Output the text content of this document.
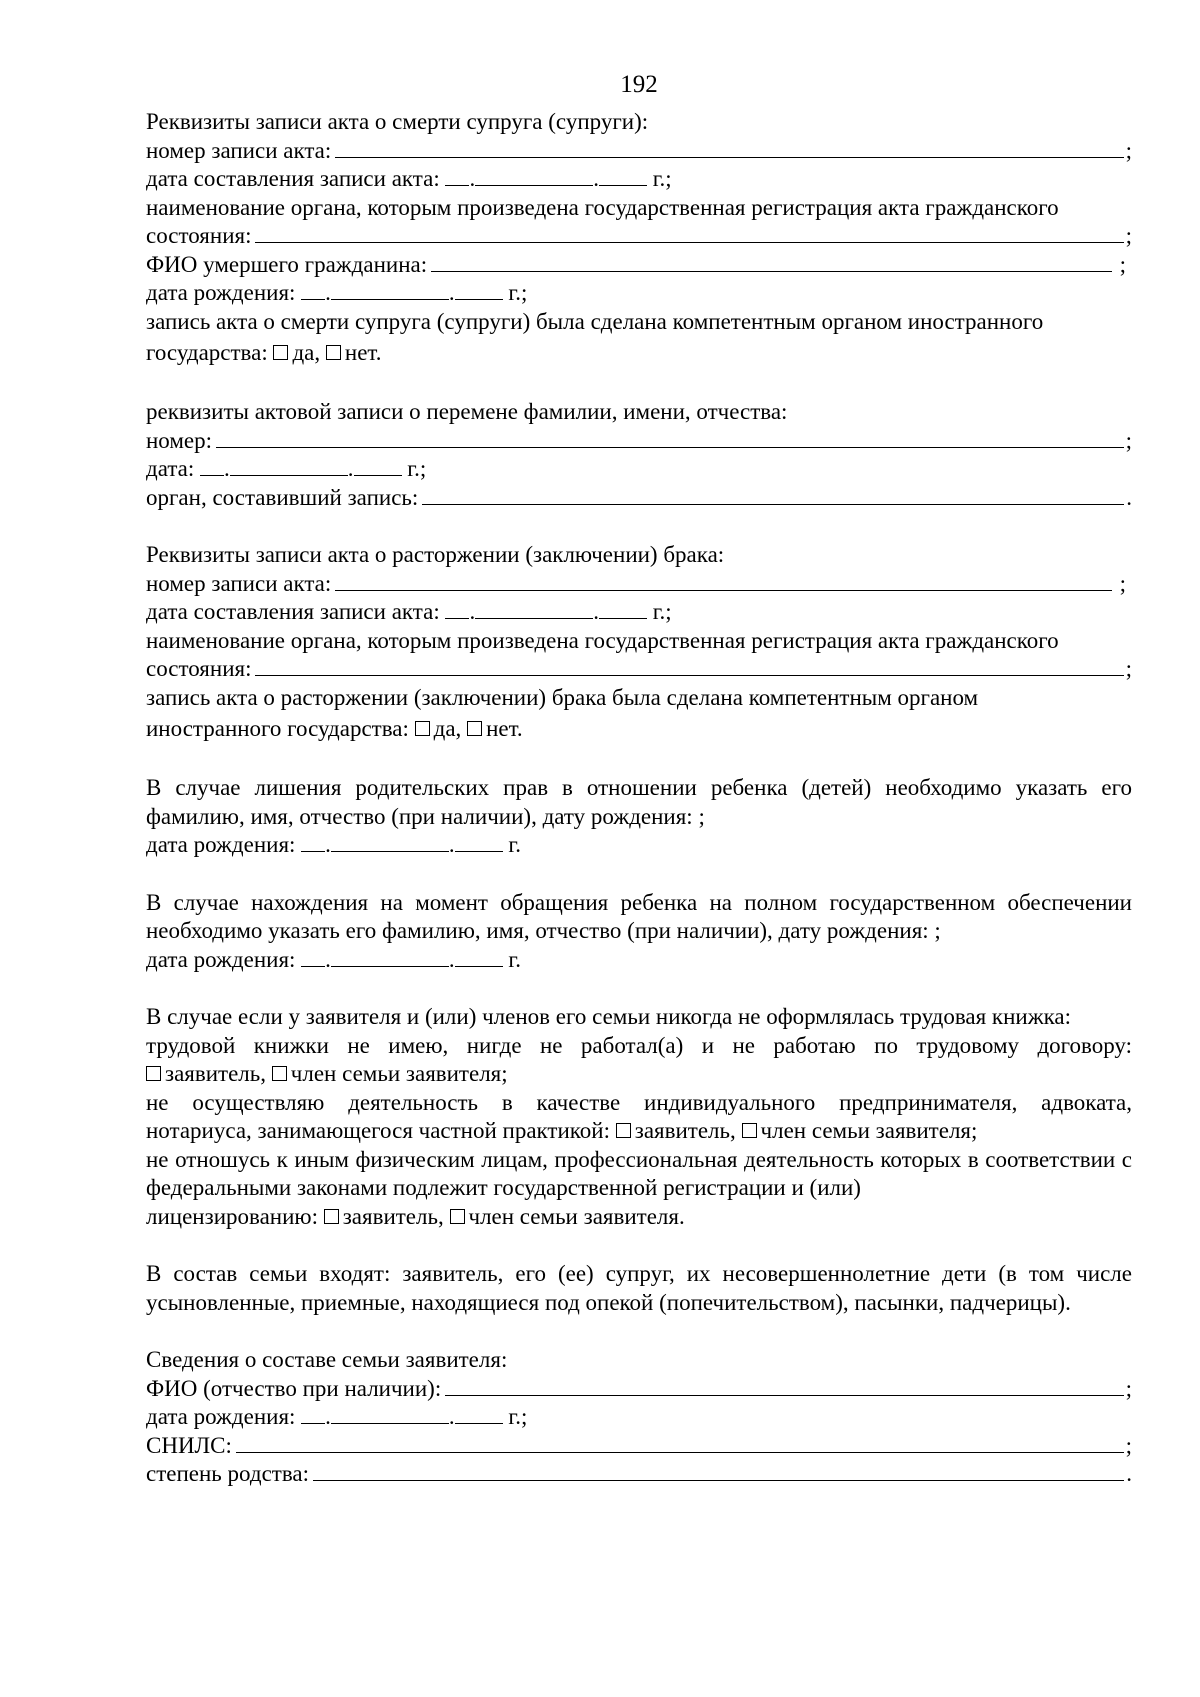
192
Реквизиты записи акта о смерти супруга (супруги):
номер записи акта:	;
дата составления записи акта:
.	.
г.;
наименование органа, которым произведена государственная регистрация акта гражданского
состояния:	;
ФИО умершего гражданина:	;
дата рождения:
.	.
г.;
запись акта о смерти супруга (супруги) была сделана компетентным органом иностранного
государства:
да,
нет.
реквизиты актовой записи о перемене фамилии, имени, отчества:
номер:	;
дата:
.	.
г.;
орган, составивший запись:	.
Реквизиты записи акта о расторжении (заключении) брака:
номер записи акта:	;
дата составления записи акта:
.	.
г.;
наименование органа, которым произведена государственная регистрация акта гражданского
состояния:	;
запись акта о расторжении (заключении) брака была сделана компетентным органом
иностранного государства:
да,
нет.
В случае лишения родительских прав в отношении ребенка (детей) необходимо указать его фамилию, имя, отчество (при наличии), дату рождения: ;
дата рождения:
.	.
г.
В случае нахождения на момент обращения ребенка на полном государственном обеспечении необходимо указать его фамилию, имя, отчество (при наличии), дату рождения: ;
дата рождения:
.	.
г.
В случае если у заявителя и (или) членов его семьи никогда не оформлялась трудовая книжка:
трудовой книжки не имею, нигде не работал(а) и не работаю по трудовому договору:
заявитель,
член семьи заявителя;
не осуществляю деятельность в качестве индивидуального предпринимателя, адвоката,
нотариуса, занимающегося частной практикой:
заявитель,
член семьи заявителя;
не отношусь к иным физическим лицам, профессиональная деятельность которых в соответствии с федеральными законами подлежит государственной регистрации и (или)
лицензированию:
заявитель,
член семьи заявителя.
В состав семьи входят: заявитель, его (ее) супруг, их несовершеннолетние дети (в том числе усыновленные, приемные, находящиеся под опекой (попечительством), пасынки, падчерицы).
Сведения о составе семьи заявителя:
ФИО (отчество при наличии):	;
дата рождения:
.	.
г.;
СНИЛС:	;
степень родства:	.
